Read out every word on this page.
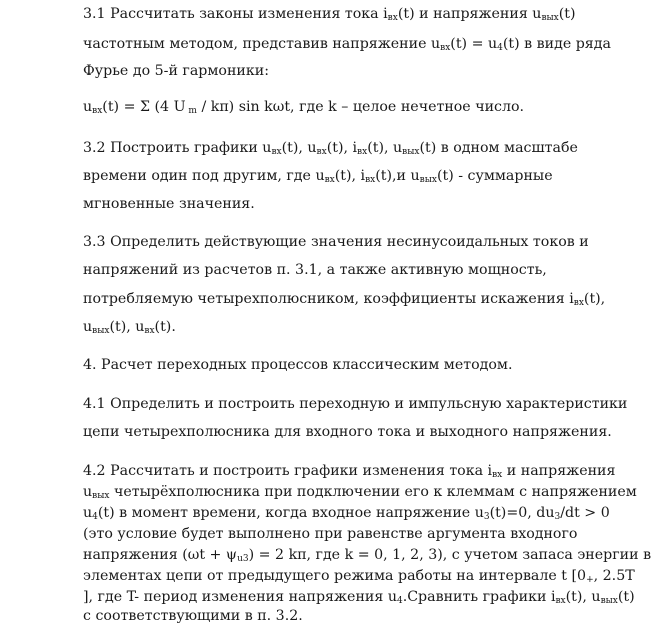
3.1 Рассчитать законы изменения тока $i_{вх}(t)$ и напряжения $u_{вых}(t)$
частотным методом, представив напряжение $u_{вх}(t) = u_4(t)$ в виде ряда
Фурье до 5-й гармоники:
$u_{вх}(t) = \Sigma$ (4 U $_m$ / kπ) sin kωt, где k – целое нечетное число.
3.2 Построить графики $u_{вх}(t)$, $u_{вх}(t)$, $i_{вх}(t)$, $u_{вых}(t)$ в одном масштабе
времени один под другим, где $u_{вх}(t)$, $i_{вх}(t),и$ $u_{вых}(t)$ - суммарные
мгновенные значения.
3.3 Определить действующие значения несинусоидальных токов и
напряжений из расчетов п. 3.1, а также активную мощность,
потребляемую четырехполюсником, коэффициенты искажения $i_{вх}(t)$,
$u_{вых}(t)$, $u_{вх}(t)$.
4. Расчет переходных процессов классическим методом.
4.1 Определить и построить переходную и импульсную характеристики
цепи четырехполюсника для входного тока и выходного напряжения.
4.2 Рассчитать и построить графики изменения тока $i_{вх}$ и напряжения
$u_{вых}$ четырёхполюсника при подключении его к клеммам с напряжением
$u_4(t)$ в момент времени, когда входное напряжение $u_3(t)=0$, $du_3/dt > 0$
(это условие будет выполнено при равенстве аргумента входного
напряжения $(\omega t + \psi_{u3}) = 2$ kπ, где k = 0, 1, 2, 3), с учетом запаса энергии в
элементах цепи от предыдущего режима работы на интервале t [$0_+$, 2.5T
], где T- период изменения напряжения $u_4.Сравнить$ графики $i_{вх}(t)$, $u_{вых}(t)$
с соответствующими в п. 3.2.
